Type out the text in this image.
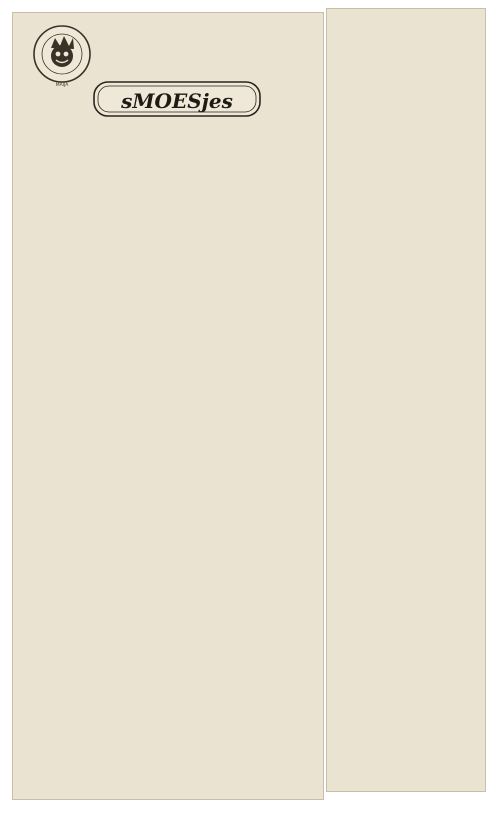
MAIJA
sMOESjes
